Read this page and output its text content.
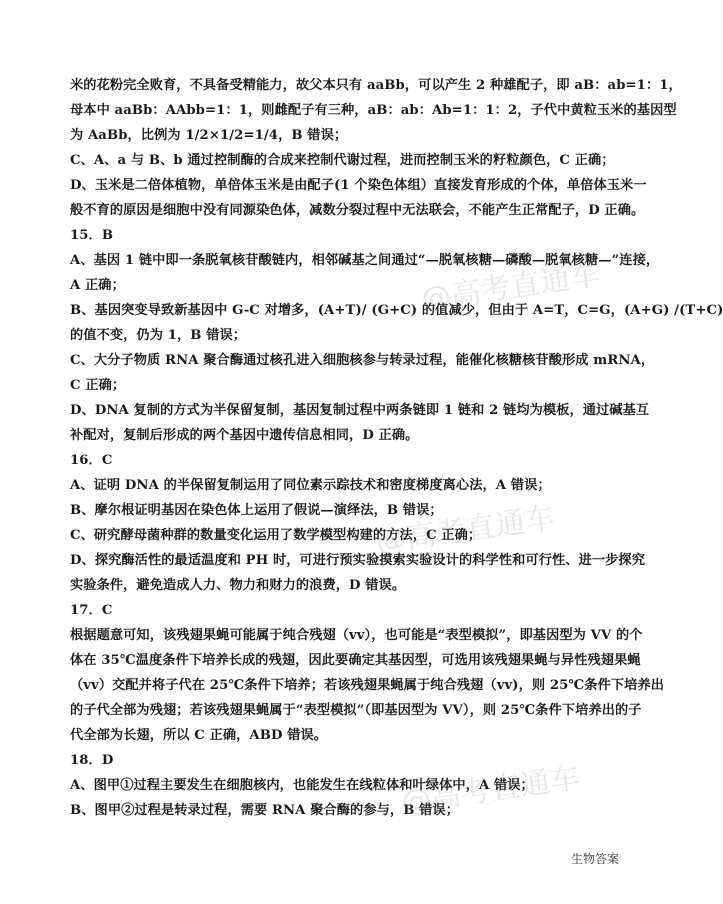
米的花粉完全败育，不具备受精能力，故父本只有 aaBb，可以产生 2 种雄配子，即 aB：ab=1：1，
母本中 aaBb：AAbb=1：1，则雌配子有三种，aB：ab：Ab=1：1：2，子代中黄粒玉米的基因型
为 AaBb，比例为 1/2×1/2=1/4，B 错误；
C、A、a 与 B、b 通过控制酶的合成来控制代谢过程，进而控制玉米的籽粒颜色，C 正确；
D、玉米是二倍体植物，单倍体玉米是由配子(1 个染色体组）直接发育形成的个体，单倍体玉米一
般不育的原因是细胞中没有同源染色体，减数分裂过程中无法联会，不能产生正常配子，D 正确。
15．B
A、基因 1 链中即一条脱氧核苷酸链内，相邻碱基之间通过“—脱氧核糖—磷酸—脱氧核糖—”连接，
A 正确；
B、基因突变导致新基因中 G-C 对增多，(A+T)/ (G+C) 的值减少，但由于 A=T，C=G，(A+G) /(T+C)
的值不变，仍为 1，B 错误；
C、大分子物质 RNA 聚合酶通过核孔进入细胞核参与转录过程，能催化核糖核苷酸形成 mRNA，
C 正确；
D、DNA 复制的方式为半保留复制，基因复制过程中两条链即 1 链和 2 链均为模板，通过碱基互
补配对，复制后形成的两个基因中遗传信息相同，D 正确。
16．C
A、证明 DNA 的半保留复制运用了同位素示踪技术和密度梯度离心法，A 错误；
B、摩尔根证明基因在染色体上运用了假说—演绎法，B 错误；
C、研究酵母菌种群的数量变化运用了数学模型构建的方法，C 正确；
D、探究酶活性的最适温度和 PH 时，可进行预实验摸索实验设计的科学性和可行性、进一步探究
实验条件，避免造成人力、物力和财力的浪费，D 错误。
17．C
根据题意可知，该残翅果蝇可能属于纯合残翅（vv），也可能是“表型模拟”，即基因型为 VV 的个
体在 35℃温度条件下培养长成的残翅，因此要确定其基因型，可选用该残翅果蝇与异性残翅果蝇
（vv）交配并将子代在 25℃条件下培养；若该残翅果蝇属于纯合残翅（vv)，则 25℃条件下培养出
的子代全部为残翅；若该残翅果蝇属于“表型模拟”（即基因型为 VV），则 25℃条件下培养出的子
代全部为长翅，所以 C 正确，ABD 错误。
18．D
A、图甲①过程主要发生在细胞核内，也能发生在线粒体和叶绿体中，A 错误；
B、图甲②过程是转录过程，需要 RNA 聚合酶的参与，B 错误；
@高考直通车
@高考直通车
@高考直通车
生物答案
